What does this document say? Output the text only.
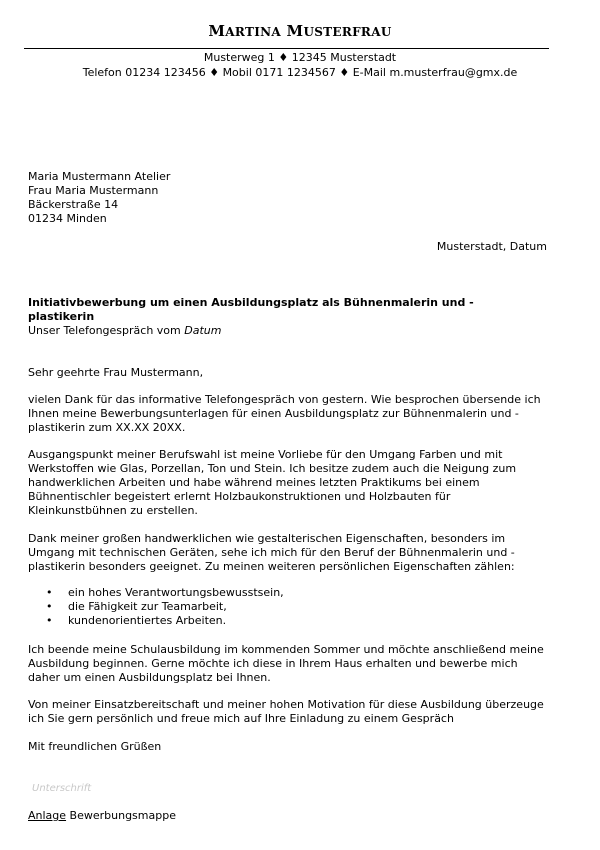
MARTINA MUSTERFRAU
Musterweg 1 ♦ 12345 Musterstadt
Telefon 01234 123456 ♦ Mobil 0171 1234567 ♦ E-Mail m.musterfrau@gmx.de
Maria Mustermann Atelier
Frau Maria Mustermann
Bäckerstraße 14
01234 Minden
Musterstadt, Datum
Initiativbewerbung um einen Ausbildungsplatz als Bühnenmalerin und -plastikerin
Unser Telefongespräch vom Datum
Sehr geehrte Frau Mustermann,
vielen Dank für das informative Telefongespräch von gestern. Wie besprochen übersende ich Ihnen meine Bewerbungsunterlagen für einen Ausbildungsplatz zur Bühnenmalerin und -plastikerin zum XX.XX 20XX.
Ausgangspunkt meiner Berufswahl ist meine Vorliebe für den Umgang Farben und mit Werkstoffen wie Glas, Porzellan, Ton und Stein. Ich besitze zudem auch die Neigung zum handwerklichen Arbeiten und habe während meines letzten Praktikums bei einem Bühnentischler begeistert erlernt Holzbaukonstruktionen und Holzbauten für Kleinkunstbühnen zu erstellen.
Dank meiner großen handwerklichen wie gestalterischen Eigenschaften, besonders im Umgang mit technischen Geräten, sehe ich mich für den Beruf der Bühnenmalerin und -plastikerin besonders geeignet. Zu meinen weiteren persönlichen Eigenschaften zählen:
• ein hohes Verantwortungsbewusstsein,
• die Fähigkeit zur Teamarbeit,
• kundenorientiertes Arbeiten.
Ich beende meine Schulausbildung im kommenden Sommer und möchte anschließend meine Ausbildung beginnen. Gerne möchte ich diese in Ihrem Haus erhalten und bewerbe mich daher um einen Ausbildungsplatz bei Ihnen.
Von meiner Einsatzbereitschaft und meiner hohen Motivation für diese Ausbildung überzeuge ich Sie gern persönlich und freue mich auf Ihre Einladung zu einem Gespräch
Mit freundlichen Grüßen
Unterschrift
Anlage Bewerbungsmappe
